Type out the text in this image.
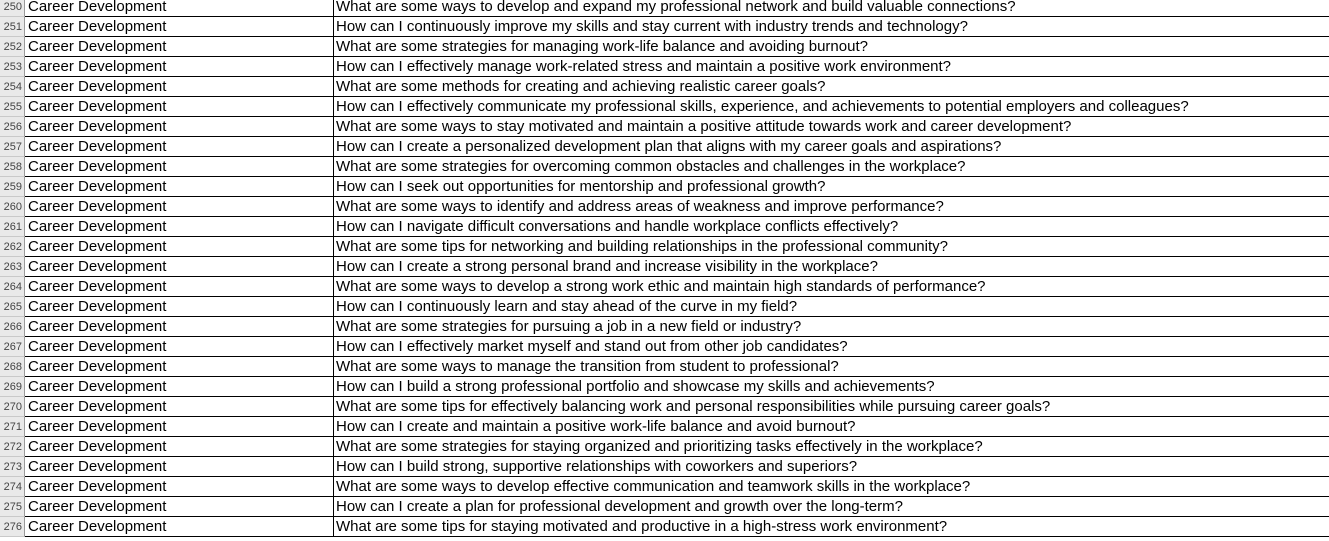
250 Career Development	What are some ways to develop and expand my professional network and build valuable connections?
251 Career Development	How can I continuously improve my skills and stay current with industry trends and technology?
252 Career Development	What are some strategies for managing work-life balance and avoiding burnout?
253 Career Development	How can I effectively manage work-related stress and maintain a positive work environment?
254 Career Development	What are some methods for creating and achieving realistic career goals?
255 Career Development	How can I effectively communicate my professional skills, experience, and achievements to potential employers and colleagues?
256 Career Development	What are some ways to stay motivated and maintain a positive attitude towards work and career development?
257 Career Development	How can I create a personalized development plan that aligns with my career goals and aspirations?
258 Career Development	What are some strategies for overcoming common obstacles and challenges in the workplace?
259 Career Development	How can I seek out opportunities for mentorship and professional growth?
260 Career Development	What are some ways to identify and address areas of weakness and improve performance?
261 Career Development	How can I navigate difficult conversations and handle workplace conflicts effectively?
262 Career Development	What are some tips for networking and building relationships in the professional community?
263 Career Development	How can I create a strong personal brand and increase visibility in the workplace?
264 Career Development	What are some ways to develop a strong work ethic and maintain high standards of performance?
265 Career Development	How can I continuously learn and stay ahead of the curve in my field?
266 Career Development	What are some strategies for pursuing a job in a new field or industry?
267 Career Development	How can I effectively market myself and stand out from other job candidates?
268 Career Development	What are some ways to manage the transition from student to professional?
269 Career Development	How can I build a strong professional portfolio and showcase my skills and achievements?
270 Career Development	What are some tips for effectively balancing work and personal responsibilities while pursuing career goals?
271 Career Development	How can I create and maintain a positive work-life balance and avoid burnout?
272 Career Development	What are some strategies for staying organized and prioritizing tasks effectively in the workplace?
273 Career Development	How can I build strong, supportive relationships with coworkers and superiors?
274 Career Development	What are some ways to develop effective communication and teamwork skills in the workplace?
275 Career Development	How can I create a plan for professional development and growth over the long-term?
276 Career Development	What are some tips for staying motivated and productive in a high-stress work environment?
